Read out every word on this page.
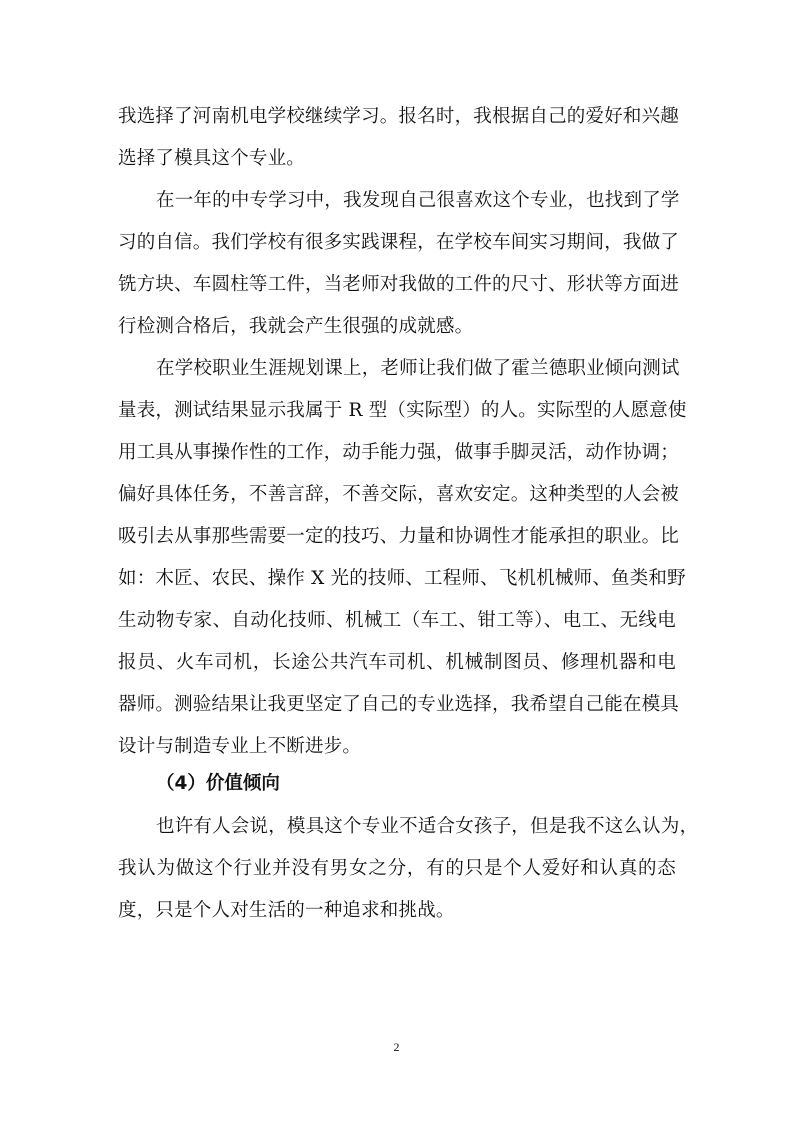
我选择了河南机电学校继续学习。报名时，我根据自己的爱好和兴趣
选择了模具这个专业。
在一年的中专学习中，我发现自己很喜欢这个专业，也找到了学
习的自信。我们学校有很多实践课程，在学校车间实习期间，我做了
铣方块、车圆柱等工件，当老师对我做的工件的尺寸、形状等方面进
行检测合格后，我就会产生很强的成就感。
在学校职业生涯规划课上，老师让我们做了霍兰德职业倾向测试
量表，测试结果显示我属于 R 型（实际型）的人。实际型的人愿意使
用工具从事操作性的工作，动手能力强，做事手脚灵活，动作协调；
偏好具体任务，不善言辞，不善交际，喜欢安定。这种类型的人会被
吸引去从事那些需要一定的技巧、力量和协调性才能承担的职业。比
如：木匠、农民、操作 X 光的技师、工程师、飞机机械师、鱼类和野
生动物专家、自动化技师、机械工（车工、钳工等）、电工、无线电
报员、火车司机，长途公共汽车司机、机械制图员、修理机器和电
器师。测验结果让我更坚定了自己的专业选择，我希望自己能在模具
设计与制造专业上不断进步。
（4）价值倾向
也许有人会说，模具这个专业不适合女孩子，但是我不这么认为，
我认为做这个行业并没有男女之分，有的只是个人爱好和认真的态
度，只是个人对生活的一种追求和挑战。
2
